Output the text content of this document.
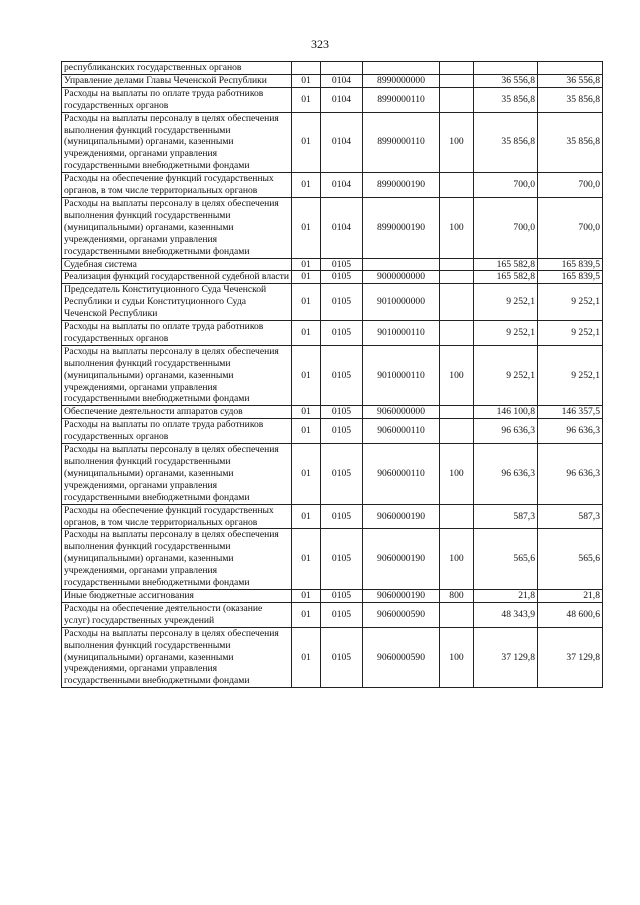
323
республиканских государственных органов						
Управление делами Главы Чеченской Республики	01	0104	8990000000		36 556,8	36 556,8
Расходы на выплаты по оплате труда работников государственных органов	01	0104	8990000110		35 856,8	35 856,8
Расходы на выплаты персоналу в целях обеспечения выполнения функций государственными (муниципальными) органами, казенными учреждениями, органами управления государственными внебюджетными фондами	01	0104	8990000110	100	35 856,8	35 856,8
Расходы на обеспечение функций государственных органов, в том числе территориальных органов	01	0104	8990000190		700,0	700,0
Расходы на выплаты персоналу в целях обеспечения выполнения функций государственными (муниципальными) органами, казенными учреждениями, органами управления государственными внебюджетными фондами	01	0104	8990000190	100	700,0	700,0
Судебная система	01	0105			165 582,8	165 839,5
Реализация функций государственной судебной власти	01	0105	9000000000		165 582,8	165 839,5
Председатель Конституционного Суда Чеченской Республики и судьи Конституционного Суда Чеченской Республики	01	0105	9010000000		9 252,1	9 252,1
Расходы на выплаты по оплате труда работников государственных органов	01	0105	9010000110		9 252,1	9 252,1
Расходы на выплаты персоналу в целях обеспечения выполнения функций государственными (муниципальными) органами, казенными учреждениями, органами управления государственными внебюджетными фондами	01	0105	9010000110	100	9 252,1	9 252,1
Обеспечение деятельности аппаратов судов	01	0105	9060000000		146 100,8	146 357,5
Расходы на выплаты по оплате труда работников государственных органов	01	0105	9060000110		96 636,3	96 636,3
Расходы на выплаты персоналу в целях обеспечения выполнения функций государственными (муниципальными) органами, казенными учреждениями, органами управления государственными внебюджетными фондами	01	0105	9060000110	100	96 636,3	96 636,3
Расходы на обеспечение функций государственных органов, в том числе территориальных органов	01	0105	9060000190		587,3	587,3
Расходы на выплаты персоналу в целях обеспечения выполнения функций государственными (муниципальными) органами, казенными учреждениями, органами управления государственными внебюджетными фондами	01	0105	9060000190	100	565,6	565,6
Иные бюджетные ассигнования	01	0105	9060000190	800	21,8	21,8
Расходы на обеспечение деятельности (оказание услуг) государственных учреждений	01	0105	9060000590		48 343,9	48 600,6
Расходы на выплаты персоналу в целях обеспечения выполнения функций государственными (муниципальными) органами, казенными учреждениями, органами управления государственными внебюджетными фондами	01	0105	9060000590	100	37 129,8	37 129,8
